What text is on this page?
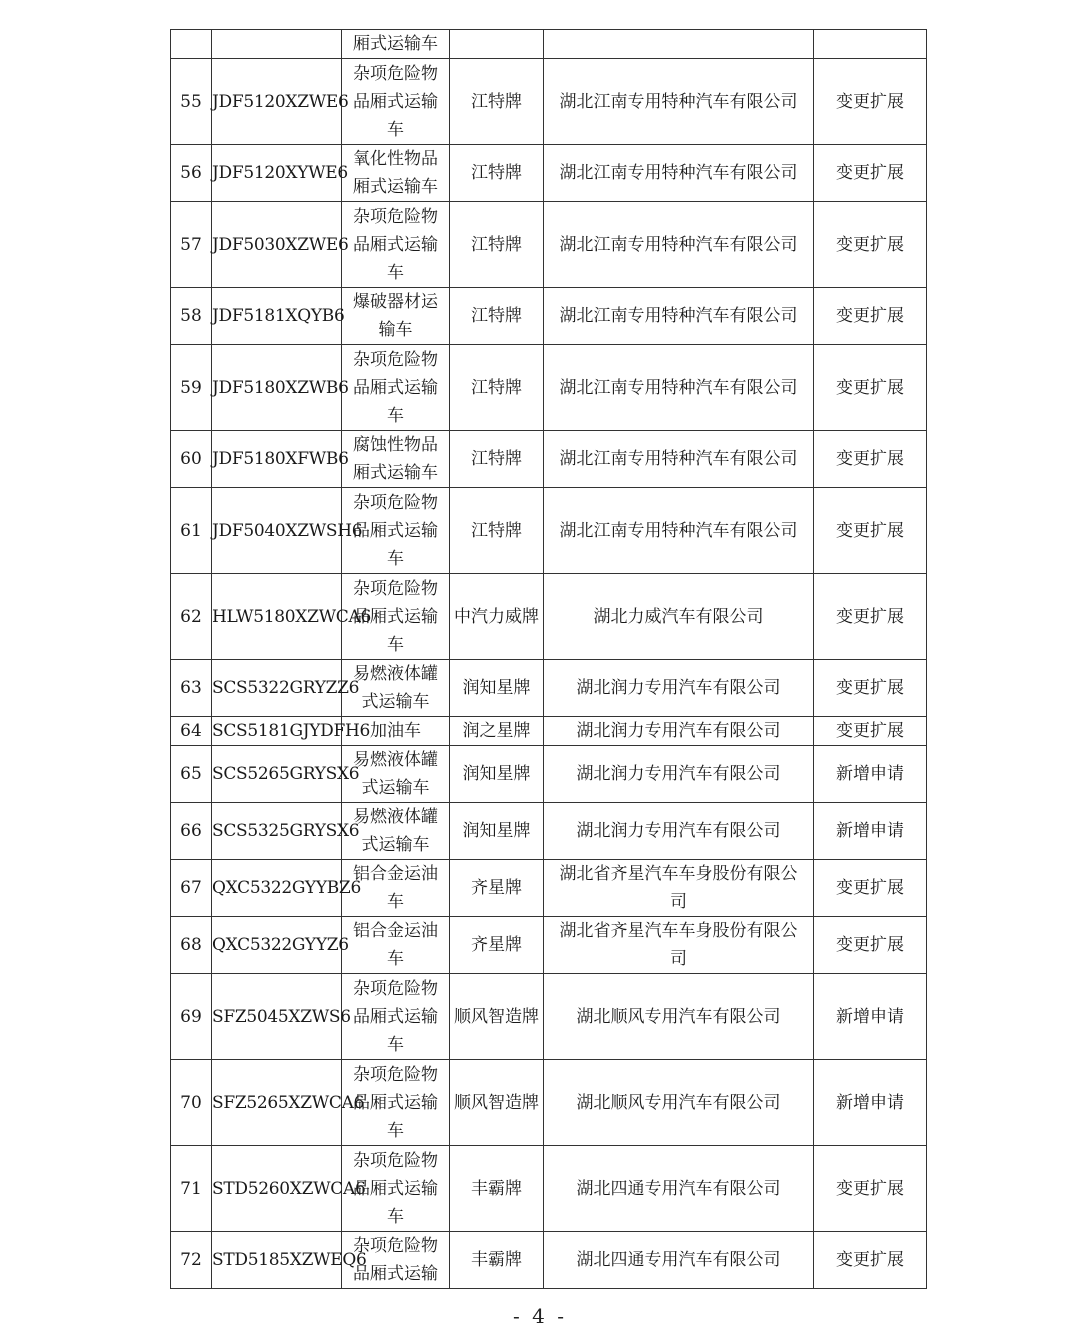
		厢式运输车			
55	JDF5120XZWE6	杂项危险物
品厢式运输
车	江特牌	湖北江南专用特种汽车有限公司	变更扩展
56	JDF5120XYWE6	氧化性物品
厢式运输车	江特牌	湖北江南专用特种汽车有限公司	变更扩展
57	JDF5030XZWE6	杂项危险物
品厢式运输
车	江特牌	湖北江南专用特种汽车有限公司	变更扩展
58	JDF5181XQYB6	爆破器材运
输车	江特牌	湖北江南专用特种汽车有限公司	变更扩展
59	JDF5180XZWB6	杂项危险物
品厢式运输
车	江特牌	湖北江南专用特种汽车有限公司	变更扩展
60	JDF5180XFWB6	腐蚀性物品
厢式运输车	江特牌	湖北江南专用特种汽车有限公司	变更扩展
61	JDF5040XZWSH6	杂项危险物
品厢式运输
车	江特牌	湖北江南专用特种汽车有限公司	变更扩展
62	HLW5180XZWCA6	杂项危险物
品厢式运输
车	中汽力威牌	湖北力威汽车有限公司	变更扩展
63	SCS5322GRYZZ6	易燃液体罐
式运输车	润知星牌	湖北润力专用汽车有限公司	变更扩展
64	SCS5181GJYDFH6	加油车	润之星牌	湖北润力专用汽车有限公司	变更扩展
65	SCS5265GRYSX6	易燃液体罐
式运输车	润知星牌	湖北润力专用汽车有限公司	新增申请
66	SCS5325GRYSX6	易燃液体罐
式运输车	润知星牌	湖北润力专用汽车有限公司	新增申请
67	QXC5322GYYBZ6	铝合金运油
车	齐星牌	湖北省齐星汽车车身股份有限公
司	变更扩展
68	QXC5322GYYZ6	铝合金运油
车	齐星牌	湖北省齐星汽车车身股份有限公
司	变更扩展
69	SFZ5045XZWS6	杂项危险物
品厢式运输
车	顺风智造牌	湖北顺风专用汽车有限公司	新增申请
70	SFZ5265XZWCA6	杂项危险物
品厢式运输
车	顺风智造牌	湖北顺风专用汽车有限公司	新增申请
71	STD5260XZWCA6	杂项危险物
品厢式运输
车	丰霸牌	湖北四通专用汽车有限公司	变更扩展
72	STD5185XZWEQ6	杂项危险物
品厢式运输	丰霸牌	湖北四通专用汽车有限公司	变更扩展
- 4 -
